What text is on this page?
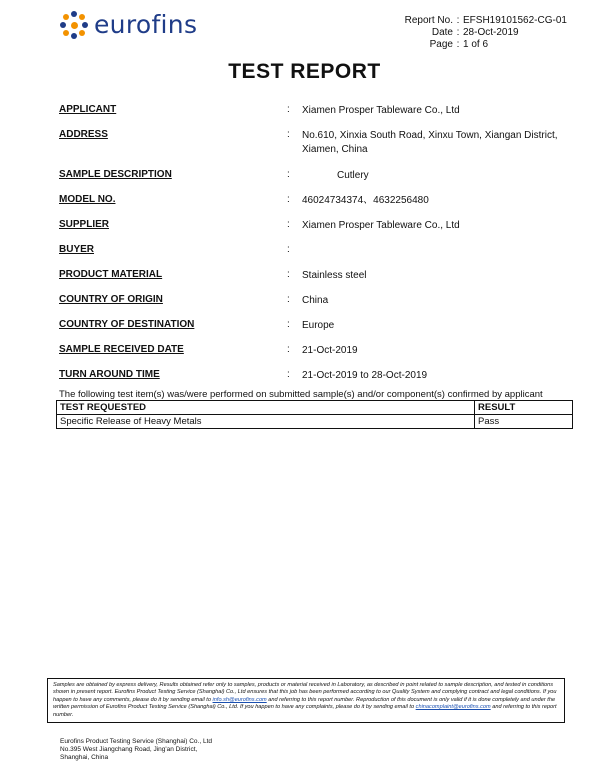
eurofins	Report No. : EFSH19101562-CG-01
Date : 28-Oct-2019
Page : 1 of 6
TEST REPORT
APPLICANT	: Xiamen Prosper Tableware Co., Ltd
ADDRESS	: No.610, Xinxia South Road, Xinxu Town, Xiangan District, Xiamen, China
SAMPLE DESCRIPTION	:	Cutlery
MODEL NO.	: 46024734374、4632256480
SUPPLIER	: Xiamen Prosper Tableware Co., Ltd
BUYER	:
PRODUCT MATERIAL	: Stainless steel
COUNTRY OF ORIGIN	: China
COUNTRY OF DESTINATION	: Europe
SAMPLE RECEIVED DATE	: 21-Oct-2019
TURN AROUND TIME	: 21-Oct-2019 to 28-Oct-2019
The following test item(s) was/were performed on submitted sample(s) and/or component(s) confirmed by applicant
TEST REQUESTED	RESULT
Specific Release of Heavy Metals	Pass
Samples are obtained by express delivery, Results obtained refer only to samples, products or material received in Laboratory, as described in point related to sample description, and tested in conditions shown in present report. Eurofins Product Testing Service (Shanghai) Co., Ltd ensures that this job has been performed according to our Quality System and complying contract and legal conditions. If you happen to have any comments, please do it by sending email to info.sh@eurofins.com and referring to this report number. Reproduction of this document is only valid if it is done completely and under the written permission of Eurofins Product Testing Service (Shanghai) Co., Ltd. If you happen to have any complaints, please do it by sending email to chinacomplaint@eurofins.com and referring to this report number.
Eurofins Product Testing Service (Shanghai) Co., Ltd
No.395 West Jiangchang Road, Jing'an District,
Shanghai, China
